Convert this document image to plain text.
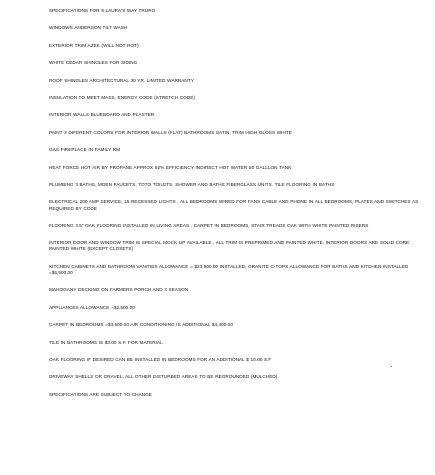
SPECIFICATIONS FOR 9 LAURA'S WAY TRURO
WINDOWS ANDERSON TILT WASH
EXTERIOR TRIM AZEK (WILL NOT ROT)
WHITE CEDAR SHINGLES FOR SIDING
ROOF SHINGLES ARCHITECTURAL 30 YR. LIMITED WARRANTY
INSULATION TO MEET MASS. ENERGY CODE (STRETCH CODE)
INTERIOR WALLS BLUEBOARD AND PLASTER
PAINT 3 DIFERENT COLORS FOR INTERIOR WALLS (FLAT) BATHROOMS SATIN, TRIM HIGH GLOSS WHITE
GAS FIREPLACE IN FAMILY RM
HEAT FORCE HOT AIR BY PROPANE APPROX 92% EFFICIENCY INDIRECT HOT WATER 50 GALLLON TANK
PLUMBING 3 BATHS, MOEN FAUCETS, TOTO TOILETS, SHOWER AND BATHS FIBERGLASS UNITS. TILE FLOORING IN BATHS
ELECTRICAL 200 AMP SERVICE, 15 RECESSED LIGHTS , ALL BEDROOMS WIRED FOR FANS CABLE AND PHONE IN ALL BEDROOMS, PLATES AND SWITCHES AS REQUIRED BY CODE
FLOORING 3.5" OAK FLOORING INSTALLED IN LIVING AREAS , CARPET IN BEDROOMS, STAIR TREADS OAK WITH WHITE PAINTED RISERS
INTERIOR DOOR AND WINDOW TRIM IS SPECIAL MOCK UP AVAILABLE , ALL TRIM IS PREPRIMED AND PAINTED WHITE, INTERIOR DOORS ARE SOLID CORE PAINTED WHITE (EXCEPT CLOSETS)
KITCHEN CABINETS AND BATHROOM VANITIES ALLOWANCE = $23,500.00 INSTALLED, GRANITE C-TOPS ALLOWANCE FOR BATHS AND KITCHEN INSTALLED =$6,500.00
MAHOGANY DECKING ON FARMERS PORCH AND 3 SEASON
APPLIANCES ALLOWANCE =$2,500.00
CARPET IN BEDROOMS =$3,500.00 AIR CONDITIONING IS ADDITIONAL $4,400.00
TILE IN BATHROOMS IS $3.00 S.F. FOR MATERIAL
OAK FLOORING IF DESIRED CAN BE INSTALLED IN BEDROOMS FOR AN ADDITIONAL $ 10.00 S.F
DRIVEWAY SHELLS OR GRAVEL, ALL OTHER DISTURBED AREAS TO BE REGROUNDED (MULCHED)
SPECIFICATIONS ARE SUBJECT TO CHANGE
